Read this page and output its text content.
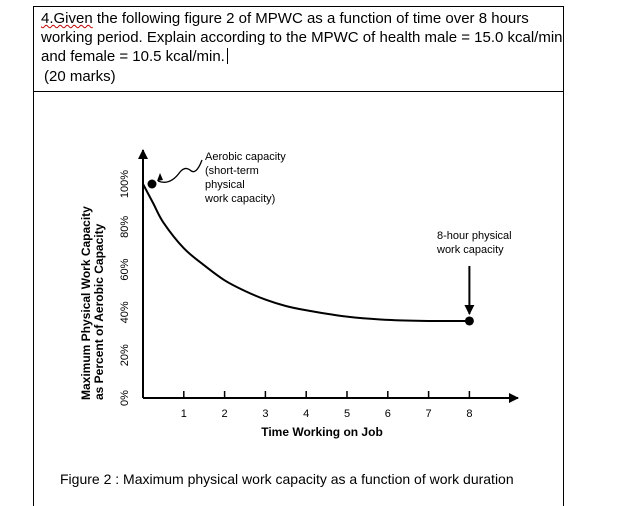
4.Given the following figure 2 of MPWC as a function of time over 8 hours
working period. Explain according to the MPWC of health male = 15.0 kcal/min
and female = 10.5 kcal/min.
(20 marks)
Maximum Physical Work Capacity as Percent of Aerobic Capacity
1	2	3	4	5	6	7	8
0%
20%
40%
60%
80%
100%
Aerobic capacity
(short-term
physical
work capacity)
8-hour physical
work capacity
Time Working on Job
Figure 2 : Maximum physical work capacity as a function of work duration
